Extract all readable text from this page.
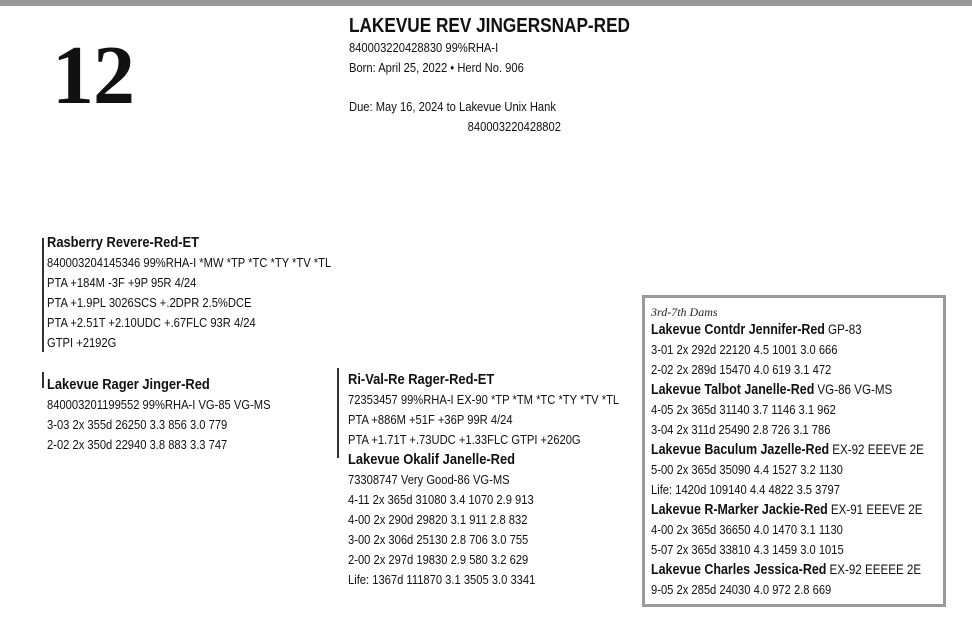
12
LAKEVUE REV JINGERSNAP-RED
840003220428830 99%RHA-I
Born: April 25, 2022 • Herd No. 906
Due: May 16, 2024 to Lakevue Unix Hank
840003220428802
Rasberry Revere-Red-ET
840003204145346 99%RHA-I *MW *TP *TC *TY *TV *TL
PTA +184M -3F +9P 95R 4/24
PTA +1.9PL 3026SCS +.2DPR 2.5%DCE
PTA +2.51T +2.10UDC +.67FLC 93R 4/24
GTPI +2192G
Lakevue Rager Jinger-Red
840003201199552 99%RHA-I VG-85 VG-MS
3-03 2x 355d 26250 3.3 856 3.0 779
2-02 2x 350d 22940 3.8 883 3.3 747
Ri-Val-Re Rager-Red-ET
72353457 99%RHA-I EX-90 *TP *TM *TC *TY *TV *TL
PTA +886M +51F +36P 99R 4/24
PTA +1.71T +.73UDC +1.33FLC GTPI +2620G
Lakevue Okalif Janelle-Red
73308747 Very Good-86 VG-MS
4-11 2x 365d 31080 3.4 1070 2.9 913
4-00 2x 290d 29820 3.1 911 2.8 832
3-00 2x 306d 25130 2.8 706 3.0 755
2-00 2x 297d 19830 2.9 580 3.2 629
Life: 1367d 111870 3.1 3505 3.0 3341
3rd-7th Dams
Lakevue Contdr Jennifer-Red GP-83
3-01 2x 292d 22120 4.5 1001 3.0 666
2-02 2x 289d 15470 4.0 619 3.1 472
Lakevue Talbot Janelle-Red VG-86 VG-MS
4-05 2x 365d 31140 3.7 1146 3.1 962
3-04 2x 311d 25490 2.8 726 3.1 786
Lakevue Baculum Jazelle-Red EX-92 EEEVE 2E
5-00 2x 365d 35090 4.4 1527 3.2 1130
Life: 1420d 109140 4.4 4822 3.5 3797
Lakevue R-Marker Jackie-Red EX-91 EEEVE 2E
4-00 2x 365d 36650 4.0 1470 3.1 1130
5-07 2x 365d 33810 4.3 1459 3.0 1015
Lakevue Charles Jessica-Red EX-92 EEEEE 2E
9-05 2x 285d 24030 4.0 972 2.8 669
